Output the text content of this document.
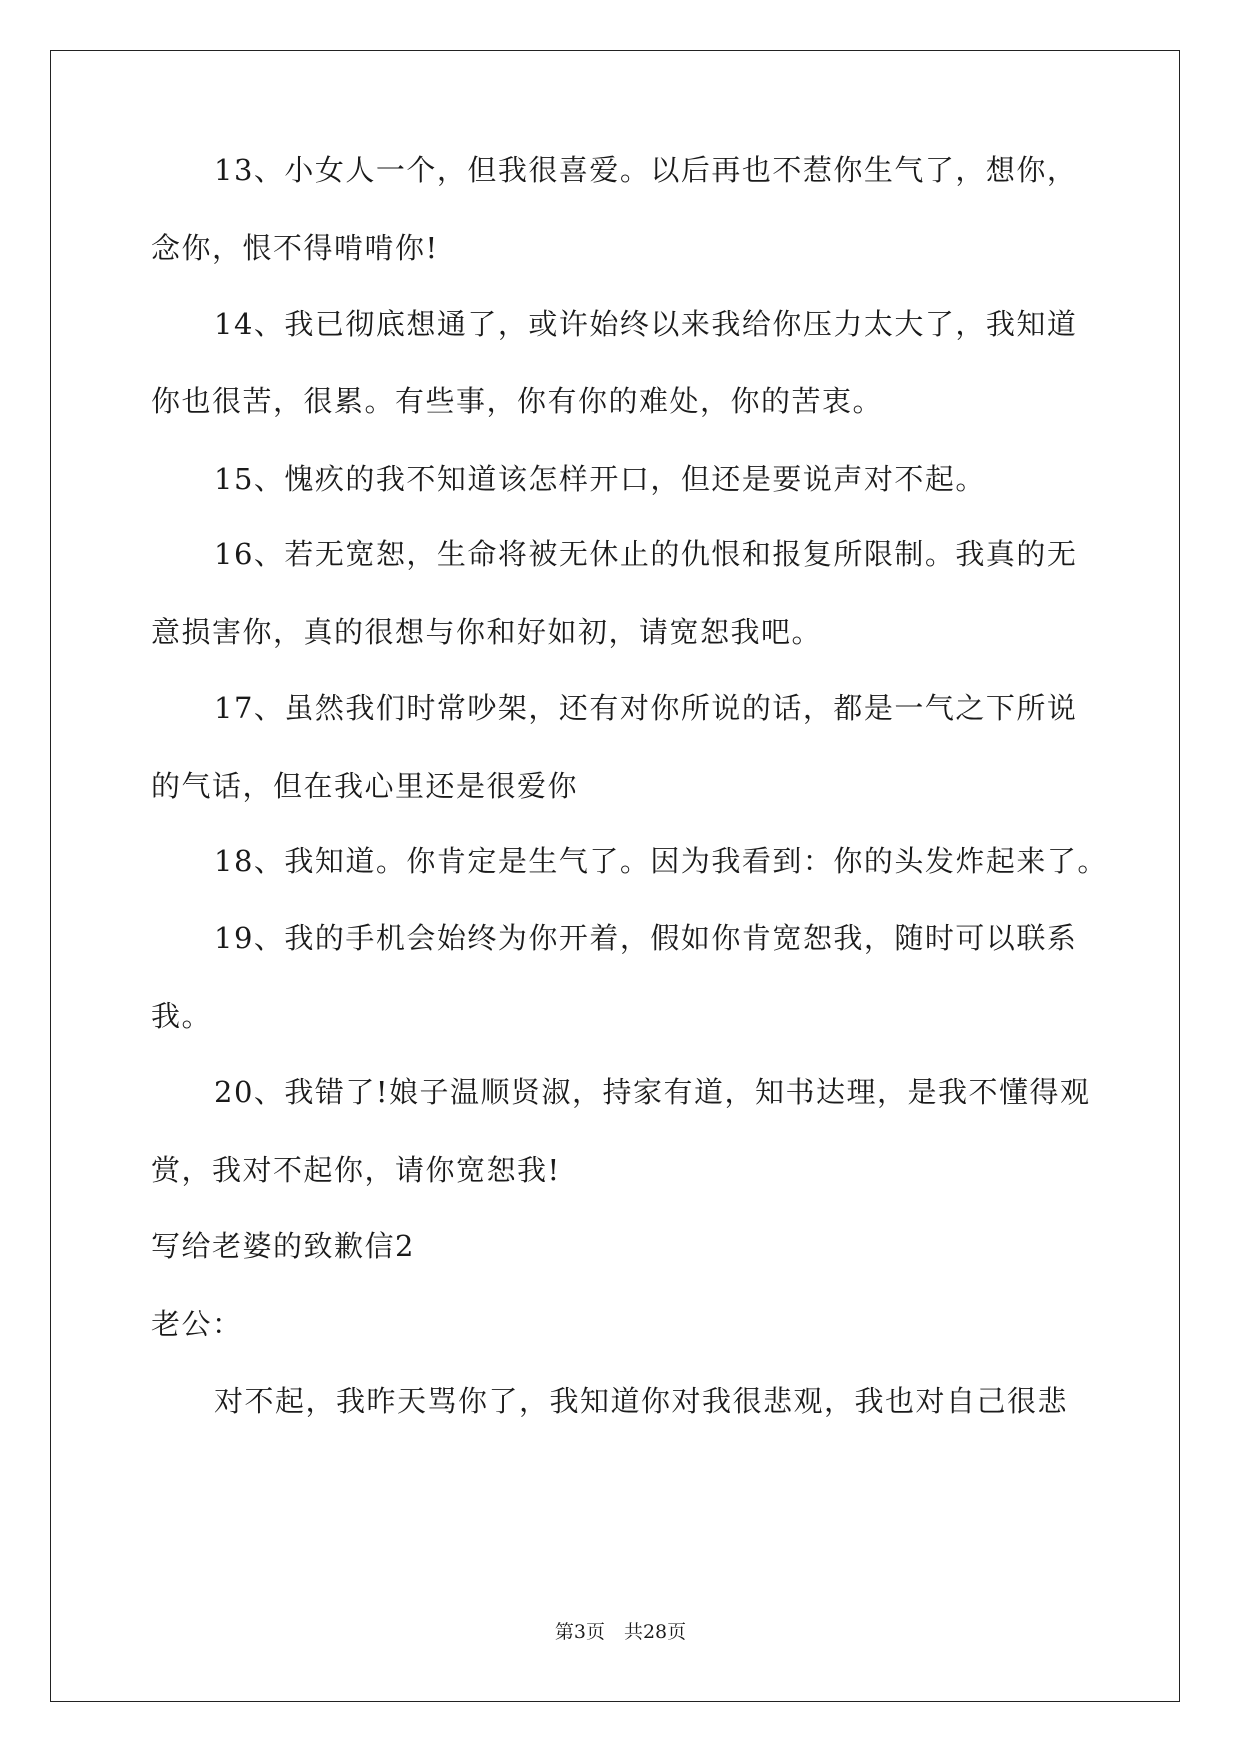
13、小女人一个，但我很喜爱。以后再也不惹你生气了，想你，
念你，恨不得啃啃你!
14、我已彻底想通了，或许始终以来我给你压力太大了，我知道
你也很苦，很累。有些事，你有你的难处，你的苦衷。
15、愧疚的我不知道该怎样开口，但还是要说声对不起。
16、若无宽恕，生命将被无休止的仇恨和报复所限制。我真的无
意损害你，真的很想与你和好如初，请宽恕我吧。
17、虽然我们时常吵架，还有对你所说的话，都是一气之下所说
的气话，但在我心里还是很爱你
18、我知道。你肯定是生气了。因为我看到：你的头发炸起来了。
19、我的手机会始终为你开着，假如你肯宽恕我，随时可以联系
我。
20、我错了!娘子温顺贤淑，持家有道，知书达理，是我不懂得观
赏，我对不起你，请你宽恕我!
写给老婆的致歉信2
老公：
对不起，我昨天骂你了，我知道你对我很悲观，我也对自己很悲
第3页　共28页
